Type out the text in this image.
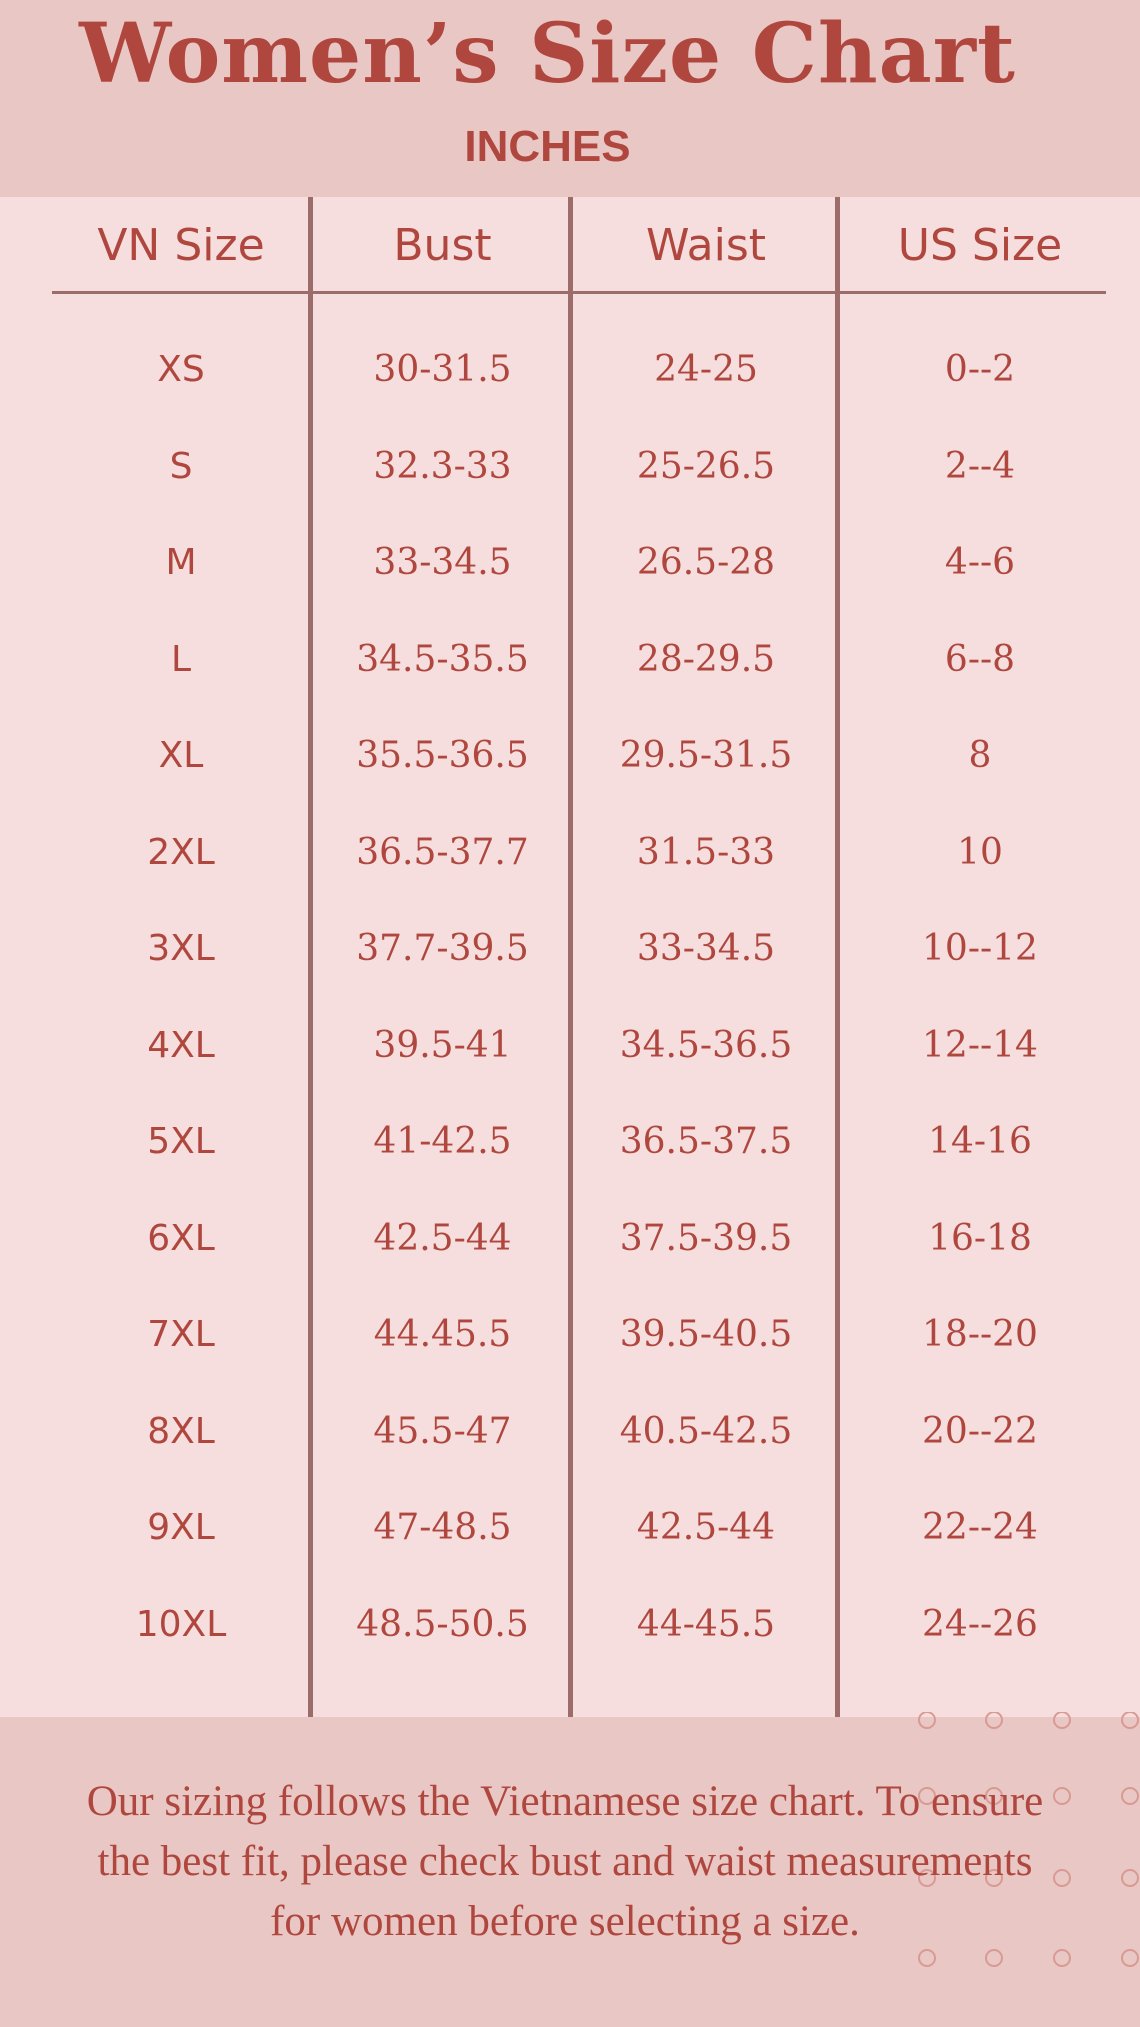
Women’s Size Chart
INCHES
VN Size	Bust	Waist	US Size
XS	30-31.5	24-25	0--2
S	32.3-33	25-26.5	2--4
M	33-34.5	26.5-28	4--6
L	34.5-35.5	28-29.5	6--8
XL	35.5-36.5	29.5-31.5	8
2XL	36.5-37.7	31.5-33	10
3XL	37.7-39.5	33-34.5	10--12
4XL	39.5-41	34.5-36.5	12--14
5XL	41-42.5	36.5-37.5	14-16
6XL	42.5-44	37.5-39.5	16-18
7XL	44.45.5	39.5-40.5	18--20
8XL	45.5-47	40.5-42.5	20--22
9XL	47-48.5	42.5-44	22--24
10XL	48.5-50.5	44-45.5	24--26
Our sizing follows the Vietnamese size chart. To ensure
the best fit, please check bust and waist measurements
for women before selecting a size.
